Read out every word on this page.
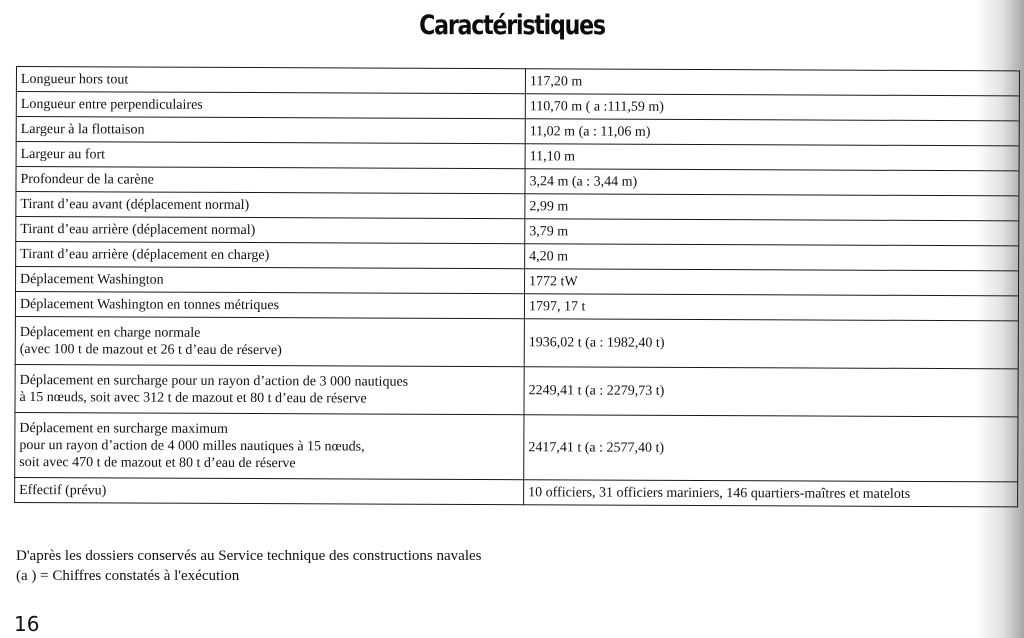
Caractéristiques
Longueur hors tout	117,20 m

Longueur entre perpendiculaires	110,70 m ( a :111,59 m)

Largeur à la flottaison	11,02 m (a : 11,06 m)

Largeur au fort	11,10 m

Profondeur de la carène	3,24 m (a : 3,44 m)

Tirant d’eau avant (déplacement normal)	2,99 m

Tirant d’eau arrière (déplacement normal)	3,79 m

Tirant d’eau arrière (déplacement en charge)	4,20 m

Déplacement Washington	1772 tW

Déplacement Washington en tonnes métriques	1797, 17 t

Déplacement en charge normale
(avec 100 t de mazout et 26 t d’eau de réserve)	1936,02 t (a : 1982,40 t)

Déplacement en surcharge pour un rayon d’action de 3 000 nautiques
à 15 nœuds, soit avec 312 t de mazout et 80 t d’eau de réserve	2249,41 t (a : 2279,73 t)

Déplacement en surcharge maximum
pour un rayon d’action de 4 000 milles nautiques à 15 nœuds,
soit avec 470 t de mazout et 80 t d’eau de réserve	2417,41 t (a : 2577,40 t)

Effectif (prévu)	10 officiers, 31 officiers mariniers, 146 quartiers-maîtres et matelots
D'après les dossiers conservés au Service technique des constructions navales
(a ) = Chiffres constatés à l'exécution
16
